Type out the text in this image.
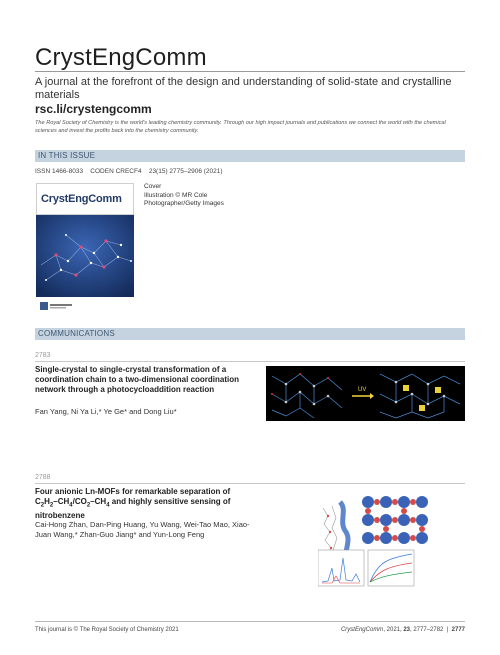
CrystEngComm
A journal at the forefront of the design and understanding of solid-state and crystalline materials
rsc.li/crystengcomm
The Royal Society of Chemistry is the world's leading chemistry community. Through our high impact journals and publications we connect the world with the chemical sciences and invest the profits back into the chemistry community.
IN THIS ISSUE
ISSN 1466-8033 CODEN CRECF4 23(15) 2775–2906 (2021)
CrystEngComm
Cover
Illustration © MR Cole
Photographer/Getty Images
COMMUNICATIONS
2783
Single-crystal to single-crystal transformation of a coordination chain to a two-dimensional coordination network through a photocycloaddition reaction
Fan Yang, Ni Ya Li,* Ye Ge* and Dong Liu*
UV
2788
Four anionic Ln-MOFs for remarkable separation of $C_2H_2-CH_4/CO_2-CH_4$ and highly sensitive sensing of nitrobenzene
Cai-Hong Zhan, Dan-Ping Huang, Yu Wang, Wei-Tao Mao, Xiao-Juan Wang,* Zhan-Guo Jiang* and Yun-Long Feng
This journal is © The Royal Society of Chemistry 2021	CrystEngComm, 2021, 23, 2777–2782 | 2777
